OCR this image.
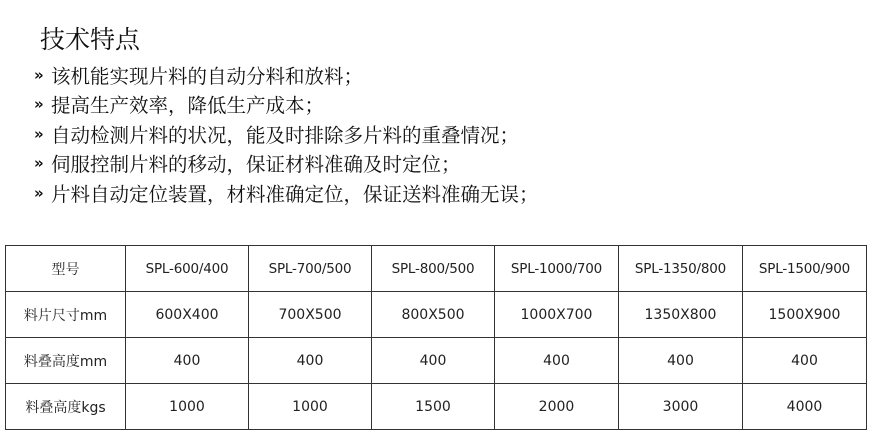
技术特点
» 该机能实现片料的自动分料和放料；
» 提高生产效率，降低生产成本；
» 自动检测片料的状况，能及时排除多片料的重叠情况；
» 伺服控制片料的移动，保证材料准确及时定位；
» 片料自动定位装置，材料准确定位，保证送料准确无误；
型号	SPL-600/400	SPL-700/500	SPL-800/500	SPL-1000/700	SPL-1350/800	SPL-1500/900
料片尺寸mm	600X400	700X500	800X500	1000X700	1350X800	1500X900
料叠高度mm	400	400	400	400	400	400
料叠高度kgs	1000	1000	1500	2000	3000	4000
